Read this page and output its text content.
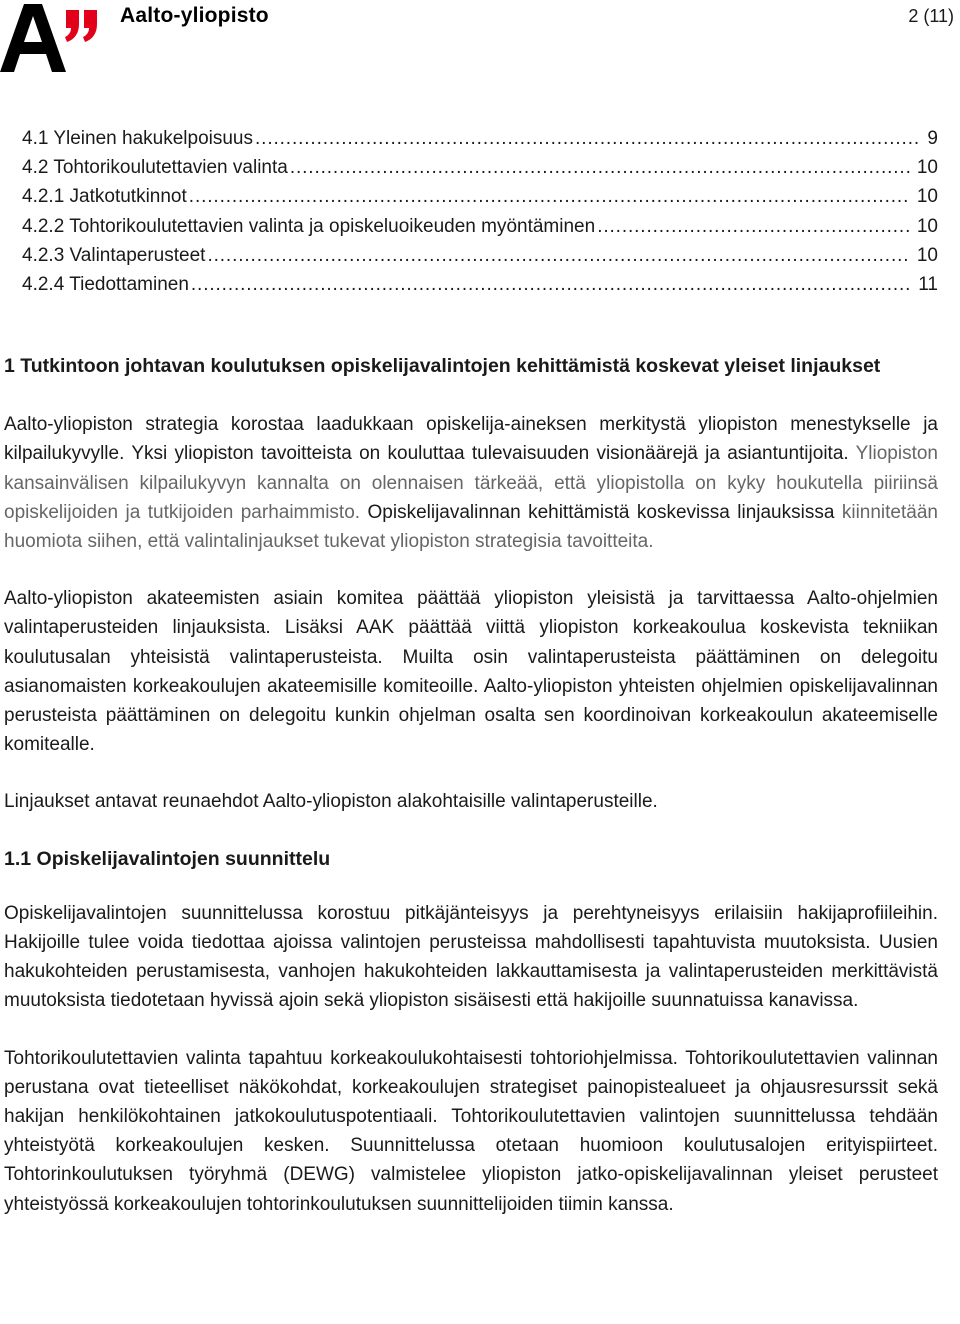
Aalto-yliopisto	2 (11)
4.1 Yleinen hakukelpoisuus . . .	9
4.2 Tohtorikoulutettavien valinta . . .	10
4.2.1 Jatkotutkinnot . . .	10
4.2.2 Tohtorikoulutettavien valinta ja opiskeluoikeuden myöntäminen . . .	10
4.2.3 Valintaperusteet . . .	10
4.2.4 Tiedottaminen . . .	11
1 Tutkintoon johtavan koulutuksen opiskelijavalintojen kehittämistä koskevat yleiset linjaukset

Aalto-yliopiston strategia korostaa laadukkaan opiskelija-aineksen merkitystä yliopiston menestykselle ja kilpailukyvylle. Yksi yliopiston tavoitteista on kouluttaa tulevaisuuden visionäärejä ja asiantuntijoita. Yliopiston kansainvälisen kilpailukyvyn kannalta on olennaisen tärkeää, että yliopistolla on kyky houkutella piiriinsä opiskelijoiden ja tutkijoiden parhaimmisto. Opiskelijavalinnan kehittämistä koskevissa linjauksissa kiinnitetään huomiota siihen, että valintalinjaukset tukevat yliopiston strategisia tavoitteita.

Aalto-yliopiston akateemisten asiain komitea päättää yliopiston yleisistä ja tarvittaessa Aalto-ohjelmien valintaperusteiden linjauksista. Lisäksi AAK päättää viittä yliopiston korkeakoulua koskevista tekniikan koulutusalan yhteisistä valintaperusteista. Muilta osin valintaperusteista päättäminen on delegoitu asianomaisten korkeakoulujen akateemisille komiteoille. Aalto-yliopiston yhteisten ohjelmien opiskelijavalinnan perusteista päättäminen on delegoitu kunkin ohjelman osalta sen koordinoivan korkeakoulun akateemiselle komitealle.

Linjaukset antavat reunaehdot Aalto-yliopiston alakohtaisille valintaperusteille.

1.1 Opiskelijavalintojen suunnittelu

Opiskelijavalintojen suunnittelussa korostuu pitkäjänteisyys ja perehtyneisyys erilaisiin hakijaprofiileihin. Hakijoille tulee voida tiedottaa ajoissa valintojen perusteissa mahdollisesti tapahtuvista muutoksista. Uusien hakukohteiden perustamisesta, vanhojen hakukohteiden lakkauttamisesta ja valintaperusteiden merkittävistä muutoksista tiedotetaan hyvissä ajoin sekä yliopiston sisäisesti että hakijoille suunnatuissa kanavissa.

Tohtorikoulutettavien valinta tapahtuu korkeakoulukohtaisesti tohtoriohjelmissa. Tohtorikoulutettavien valinnan perustana ovat tieteelliset näkökohdat, korkeakoulujen strategiset painopistealueet ja ohjausresurssit sekä hakijan henkilökohtainen jatkokoulutuspotentiaali. Tohtorikoulutettavien valintojen suunnittelussa tehdään yhteistyötä korkeakoulujen kesken. Suunnittelussa otetaan huomioon koulutusalojen erityispiirteet. Tohtorinkoulutuksen työryhmä (DEWG) valmistelee yliopiston jatko-opiskelijavalinnan yleiset perusteet yhteistyössä korkeakoulujen tohtorinkoulutuksen suunnittelijoiden tiimin kanssa.
